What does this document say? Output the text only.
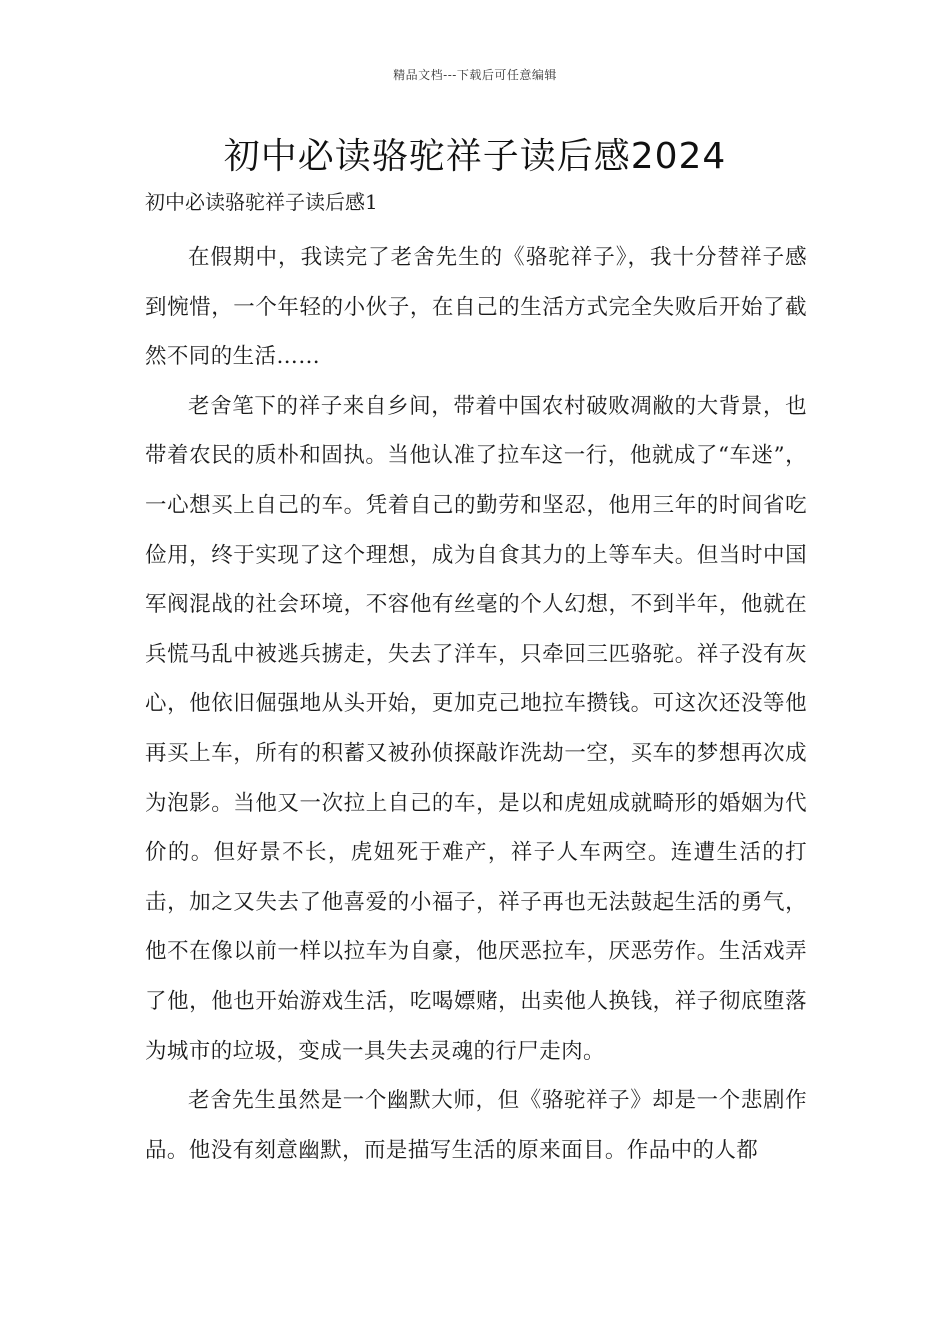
精品文档---下载后可任意编辑
初中必读骆驼祥子读后感2024
初中必读骆驼祥子读后感1

在假期中，我读完了老舍先生的《骆驼祥子》，我十分替祥子感到惋惜，一个年轻的小伙子，在自己的生活方式完全失败后开始了截然不同的生活……

老舍笔下的祥子来自乡间，带着中国农村破败凋敝的大背景，也带着农民的质朴和固执。当他认准了拉车这一行，他就成了“车迷”，一心想买上自己的车。凭着自己的勤劳和坚忍，他用三年的时间省吃俭用，终于实现了这个理想，成为自食其力的上等车夫。但当时中国军阀混战的社会环境，不容他有丝毫的个人幻想，不到半年，他就在兵慌马乱中被逃兵掳走，失去了洋车，只牵回三匹骆驼。祥子没有灰心，他依旧倔强地从头开始，更加克己地拉车攒钱。可这次还没等他再买上车，所有的积蓄又被孙侦探敲诈洗劫一空，买车的梦想再次成为泡影。当他又一次拉上自己的车，是以和虎妞成就畸形的婚姻为代价的。但好景不长，虎妞死于难产，祥子人车两空。连遭生活的打击，加之又失去了他喜爱的小福子，祥子再也无法鼓起生活的勇气，他不在像以前一样以拉车为自豪，他厌恶拉车，厌恶劳作。生活戏弄了他，他也开始游戏生活，吃喝嫖赌，出卖他人换钱，祥子彻底堕落为城市的垃圾，变成一具失去灵魂的行尸走肉。

老舍先生虽然是一个幽默大师，但《骆驼祥子》却是一个悲剧作品。他没有刻意幽默，而是描写生活的原来面目。作品中的人都
